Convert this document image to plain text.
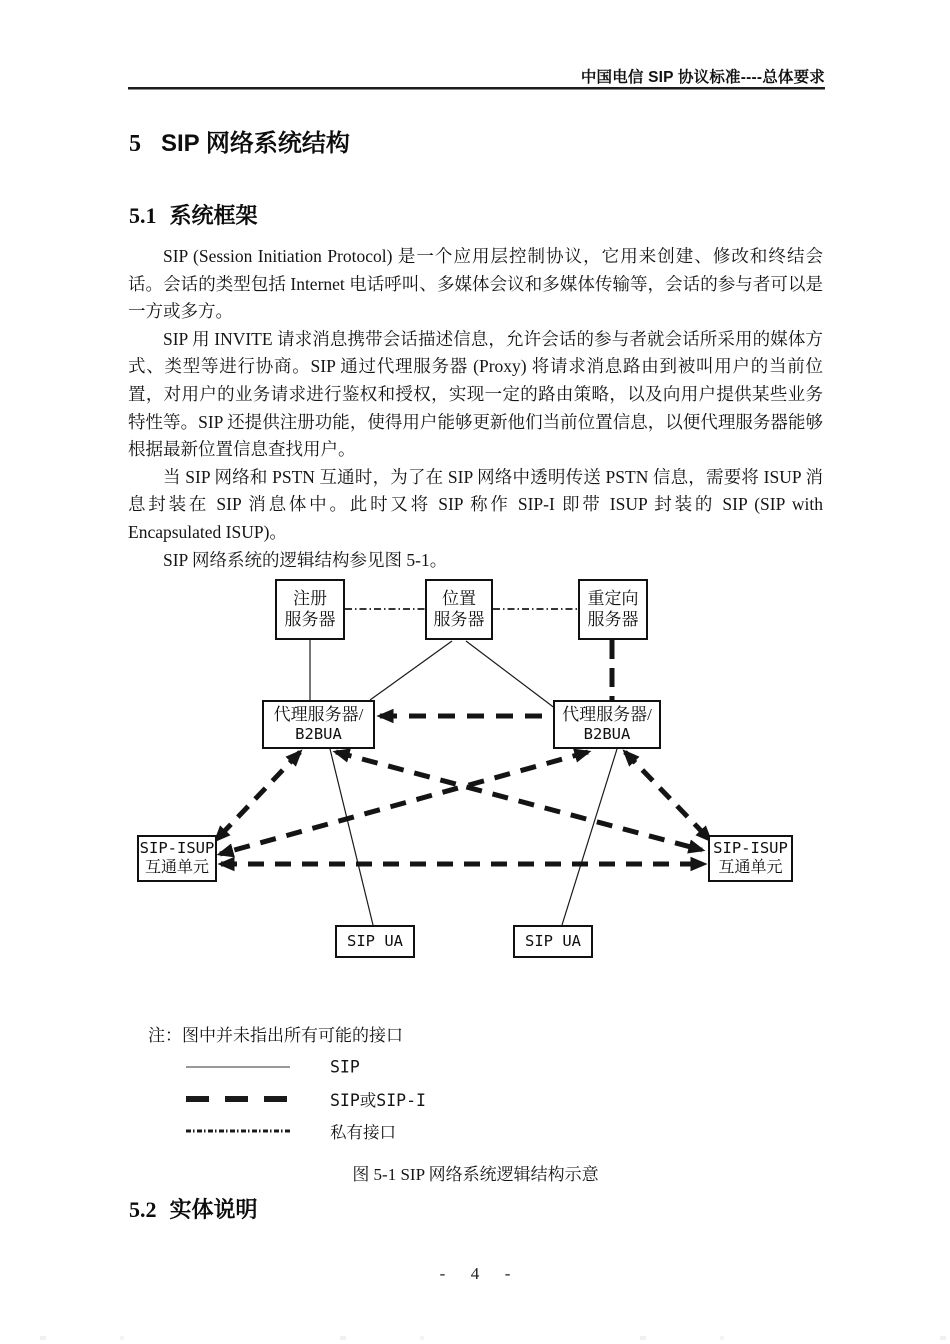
中国电信 SIP 协议标准----总体要求
5 SIP 网络系统结构
5.1 系统框架

SIP (Session Initiation Protocol) 是一个应用层控制协议，它用来创建、修改和终结会话。会话的类型包括 Internet 电话呼叫、多媒体会议和多媒体传输等，会话的参与者可以是一方或多方。

SIP 用 INVITE 请求消息携带会话描述信息，允许会话的参与者就会话所采用的媒体方式、类型等进行协商。SIP 通过代理服务器 (Proxy) 将请求消息路由到被叫用户的当前位置，对用户的业务请求进行鉴权和授权，实现一定的路由策略，以及向用户提供某些业务特性等。SIP 还提供注册功能，使得用户能够更新他们当前位置信息，以便代理服务器能够根据最新位置信息查找用户。

当 SIP 网络和 PSTN 互通时，为了在 SIP 网络中透明传送 PSTN 信息，需要将 ISUP 消息封装在 SIP 消息体中。此时又将 SIP 称作 SIP-I 即带 ISUP 封装的 SIP (SIP with Encapsulated ISUP)。

SIP 网络系统的逻辑结构参见图 5-1。

注册
服务器
位置
服务器
重定向
服务器
代理服务器/
B2BUA
代理服务器/
B2BUA
SIP-ISUP
互通单元
SIP-ISUP
互通单元
SIP UA	SIP UA
注：图中并未指出所有可能的接口
SIP
SIP或SIP-I
私有接口
图 5-1 SIP 网络系统逻辑结构示意
5.2 实体说明
-      4      -
